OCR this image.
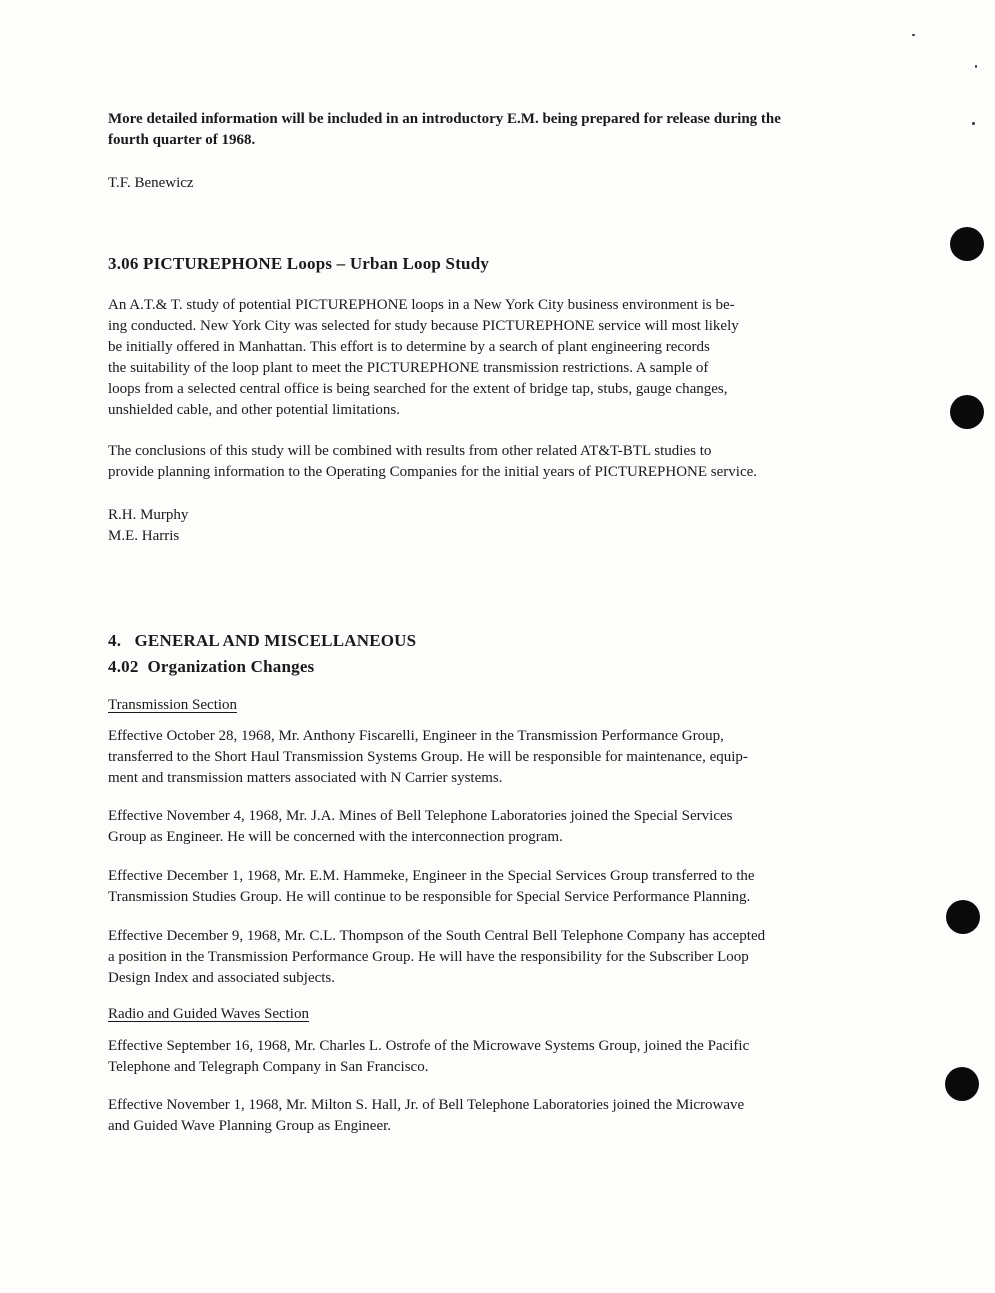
More detailed information will be included in an introductory E.M. being prepared for release during the
fourth quarter of 1968.
T.F. Benewicz
3.06 PICTUREPHONE Loops – Urban Loop Study
An A.T.& T. study of potential PICTUREPHONE loops in a New York City business environment is be-
ing conducted. New York City was selected for study because PICTUREPHONE service will most likely
be initially offered in Manhattan. This effort is to determine by a search of plant engineering records
the suitability of the loop plant to meet the PICTUREPHONE transmission restrictions. A sample of
loops from a selected central office is being searched for the extent of bridge tap, stubs, gauge changes,
unshielded cable, and other potential limitations.
The conclusions of this study will be combined with results from other related AT&T-BTL studies to
provide planning information to the Operating Companies for the initial years of PICTUREPHONE service.
R.H. Murphy
M.E. Harris
4.   GENERAL AND MISCELLANEOUS
4.02  Organization Changes
Transmission Section
Effective October 28, 1968, Mr. Anthony Fiscarelli, Engineer in the Transmission Performance Group,
transferred to the Short Haul Transmission Systems Group. He will be responsible for maintenance, equip-
ment and transmission matters associated with N Carrier systems.
Effective November 4, 1968, Mr. J.A. Mines of Bell Telephone Laboratories joined the Special Services
Group as Engineer. He will be concerned with the interconnection program.
Effective December 1, 1968, Mr. E.M. Hammeke, Engineer in the Special Services Group transferred to the
Transmission Studies Group. He will continue to be responsible for Special Service Performance Planning.
Effective December 9, 1968, Mr. C.L. Thompson of the South Central Bell Telephone Company has accepted
a position in the Transmission Performance Group. He will have the responsibility for the Subscriber Loop
Design Index and associated subjects.
Radio and Guided Waves Section
Effective September 16, 1968, Mr. Charles L. Ostrofe of the Microwave Systems Group, joined the Pacific
Telephone and Telegraph Company in San Francisco.
Effective November 1, 1968, Mr. Milton S. Hall, Jr. of Bell Telephone Laboratories joined the Microwave
and Guided Wave Planning Group as Engineer.
